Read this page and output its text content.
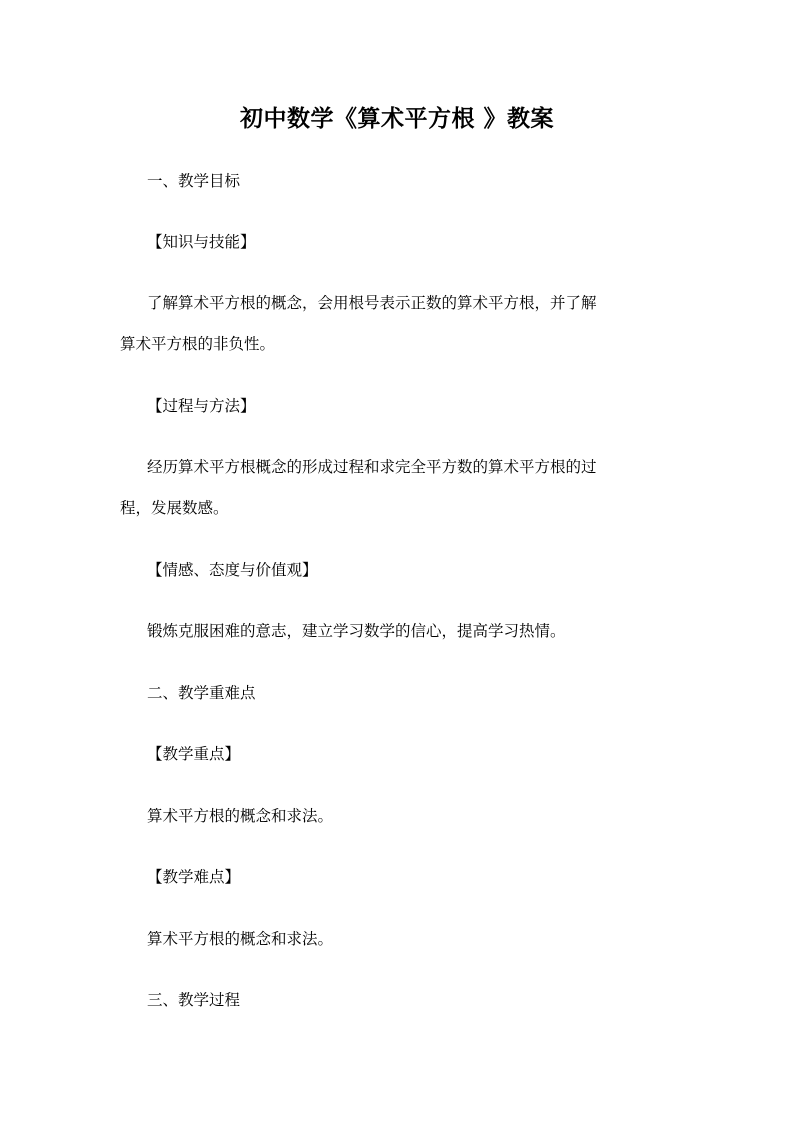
初中数学《算术平方根 》教案

一、教学目标

【知识与技能】

了解算术平方根的概念，会用根号表示正数的算术平方根，并了解

算术平方根的非负性。

【过程与方法】

经历算术平方根概念的形成过程和求完全平方数的算术平方根的过

程，发展数感。

【情感、态度与价值观】

锻炼克服困难的意志，建立学习数学的信心，提高学习热情。

二、教学重难点

【教学重点】

算术平方根的概念和求法。

【教学难点】

算术平方根的概念和求法。

三、教学过程
